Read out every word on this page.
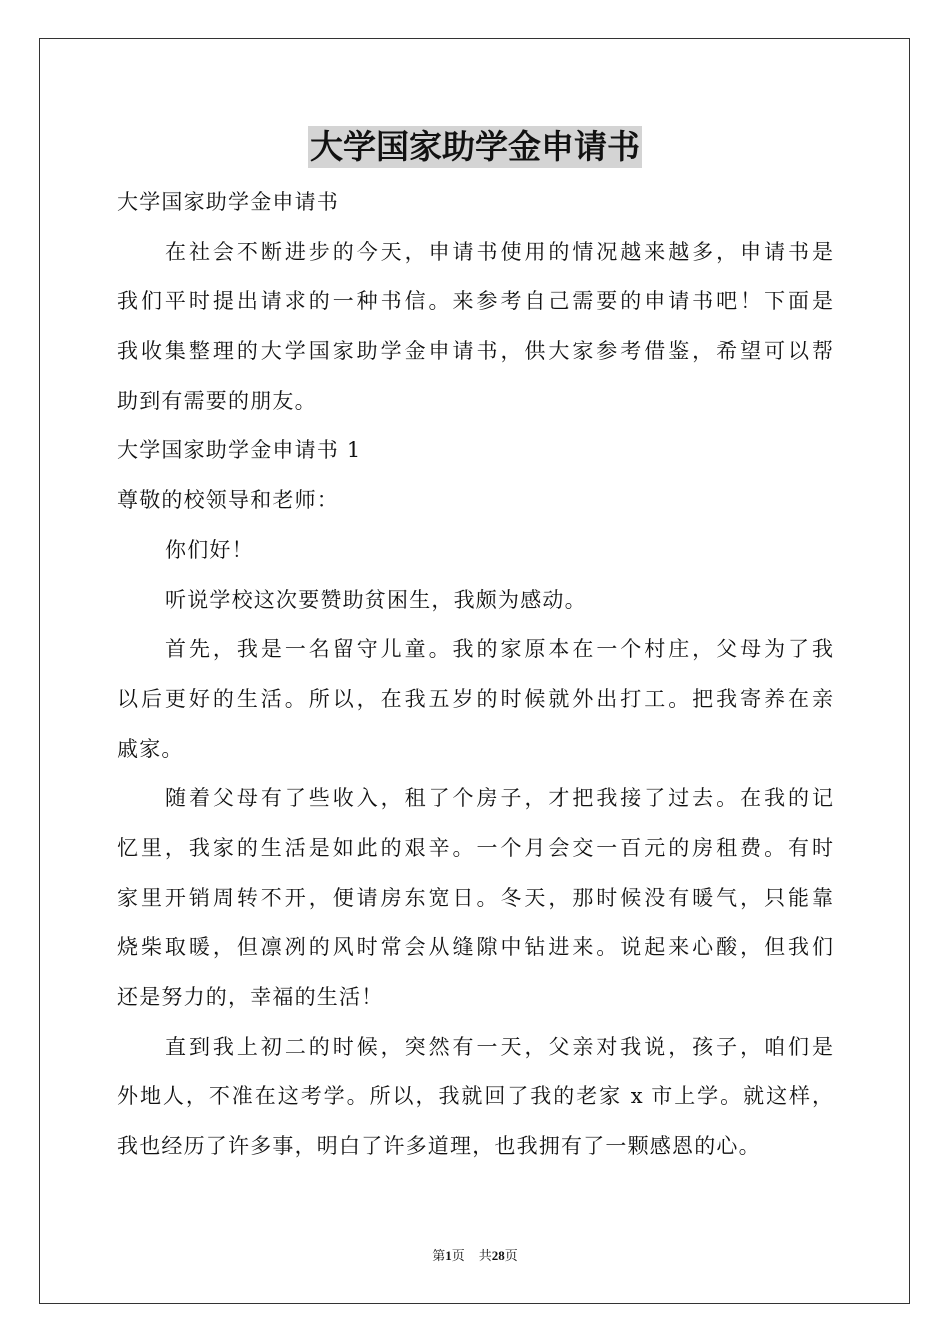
大学国家助学金申请书
大学国家助学金申请书
在社会不断进步的今天，申请书使用的情况越来越多，申请书是
我们平时提出请求的一种书信。来参考自己需要的申请书吧！下面是
我收集整理的大学国家助学金申请书，供大家参考借鉴，希望可以帮
助到有需要的朋友。
大学国家助学金申请书 1
尊敬的校领导和老师：
你们好！
听说学校这次要赞助贫困生，我颇为感动。
首先，我是一名留守儿童。我的家原本在一个村庄，父母为了我
以后更好的生活。所以，在我五岁的时候就外出打工。把我寄养在亲
戚家。
随着父母有了些收入，租了个房子，才把我接了过去。在我的记
忆里，我家的生活是如此的艰辛。一个月会交一百元的房租费。有时
家里开销周转不开，便请房东宽日。冬天，那时候没有暖气，只能靠
烧柴取暖，但凛冽的风时常会从缝隙中钻进来。说起来心酸，但我们
还是努力的，幸福的生活！
直到我上初二的时候，突然有一天，父亲对我说，孩子，咱们是
外地人，不准在这考学。所以，我就回了我的老家 x 市上学。就这样，
我也经历了许多事，明白了许多道理，也我拥有了一颗感恩的心。
第1页 共28页
